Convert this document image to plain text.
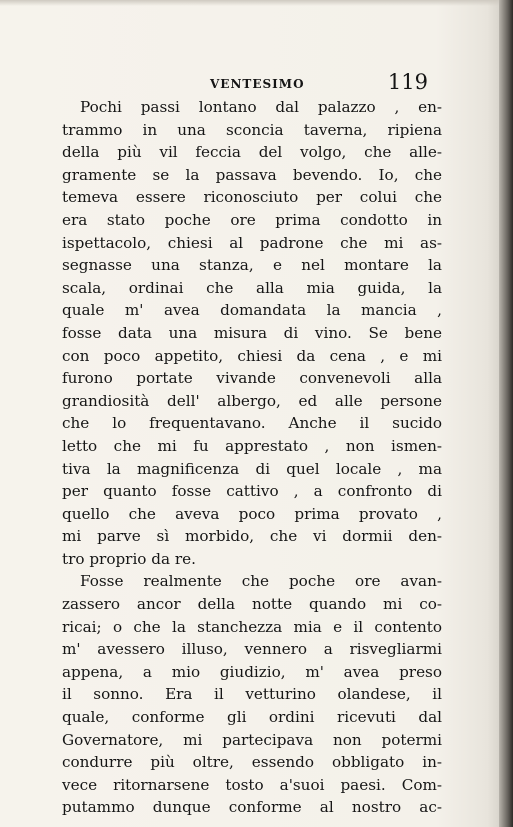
VENTESIMO	119
Pochi passi lontano dal palazzo , en-
trammo in una sconcia taverna, ripiena
della più vil feccia del volgo, che alle-
gramente se la passava bevendo. Io, che
temeva essere riconosciuto per colui che
era stato poche ore prima condotto in
ispettacolo, chiesi al padrone che mi as-
segnasse una stanza, e nel montare la
scala, ordinai che alla mia guida, la
quale m' avea domandata la mancia ,
fosse data una misura di vino. Se bene
con poco appetito, chiesi da cena , e mi
furono portate vivande convenevoli alla
grandiosità dell' albergo, ed alle persone
che lo frequentavano. Anche il sucido
letto che mi fu apprestato , non ismen-
tiva la magnificenza di quel locale , ma
per quanto fosse cattivo , a confronto di
quello che aveva poco prima provato ,
mi parve sì morbido, che vi dormii den-
tro proprio da re.
Fosse realmente che poche ore avan-
zassero ancor della notte quando mi co-
ricai; o che la stanchezza mia e il contento
m' avessero illuso, vennero a risvegliarmi
appena, a mio giudizio, m' avea preso
il sonno. Era il vetturino olandese, il
quale, conforme gli ordini ricevuti dal
Governatore, mi partecipava non potermi
condurre più oltre, essendo obbligato in-
vece ritornarsene tosto a'suoi paesi. Com-
putammo dunque conforme al nostro ac-
